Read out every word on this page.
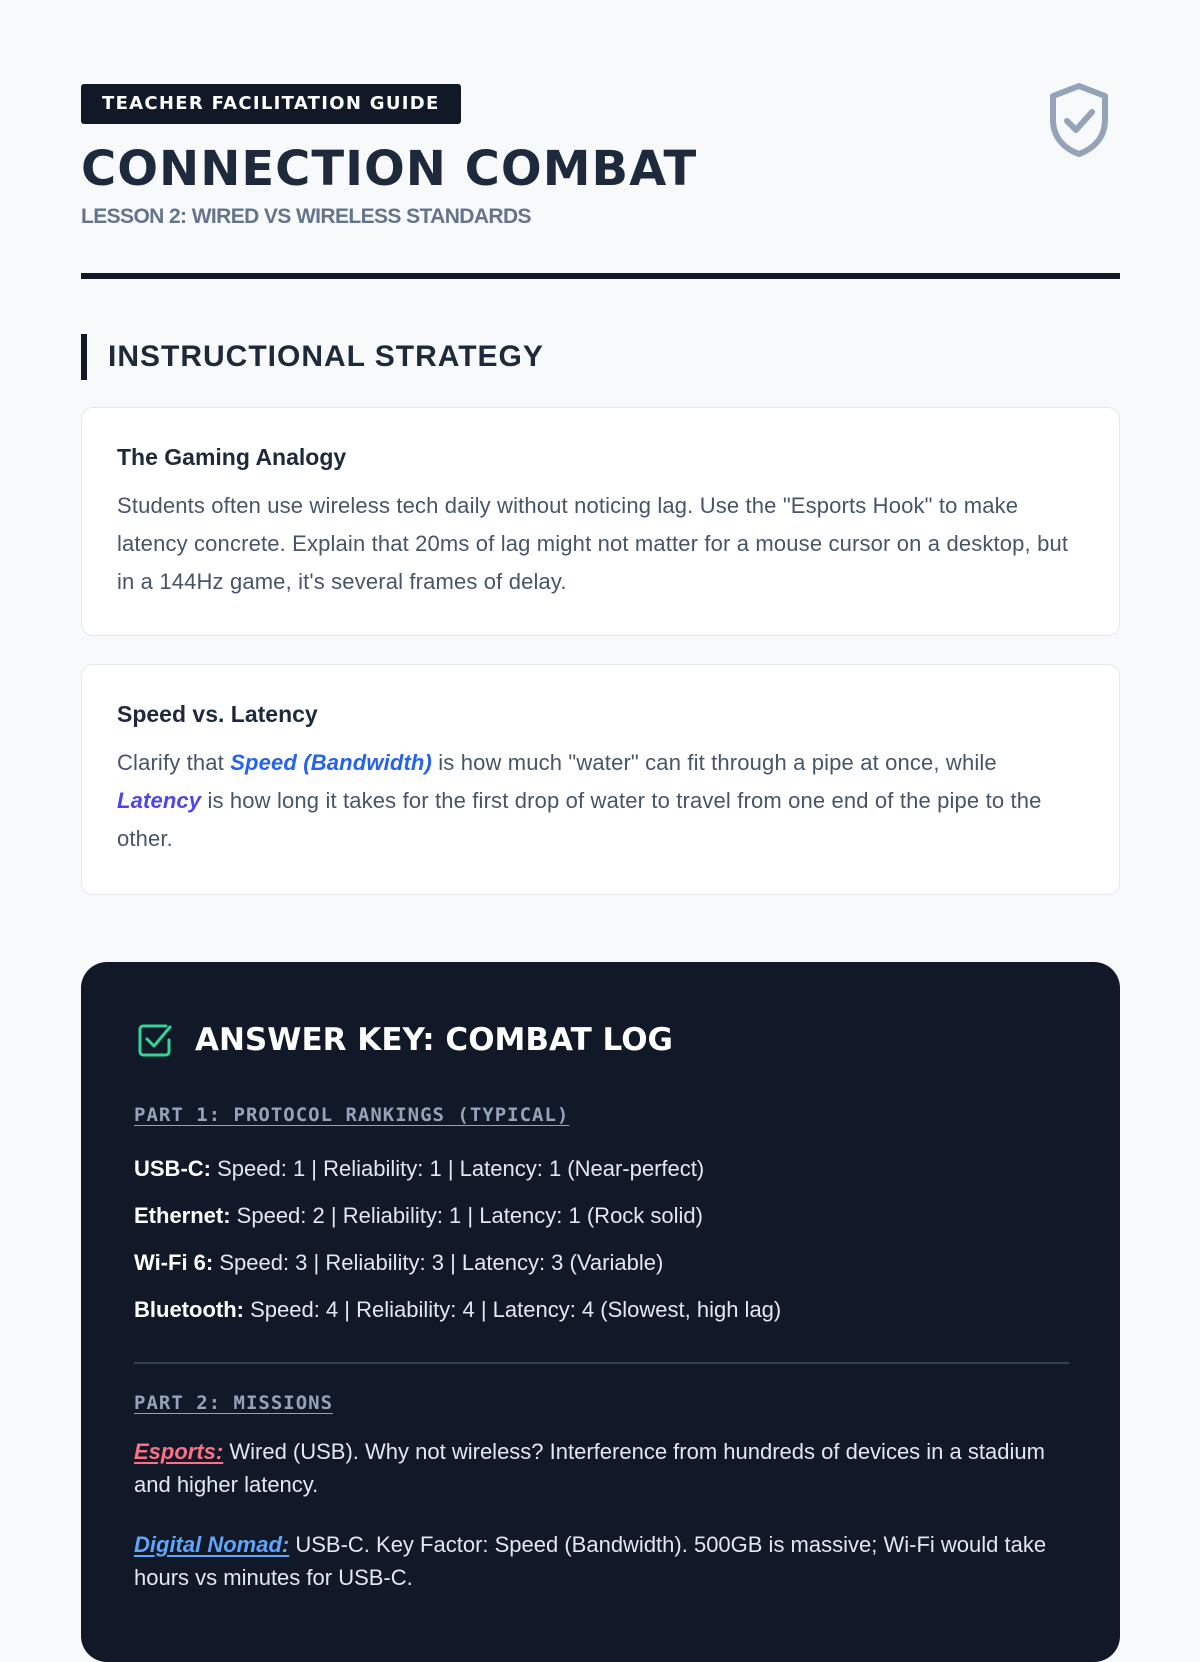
TEACHER FACILITATION GUIDE
CONNECTION COMBAT
LESSON 2: WIRED VS WIRELESS STANDARDS
INSTRUCTIONAL STRATEGY
The Gaming Analogy

Students often use wireless tech daily without noticing lag. Use the "Esports Hook" to make latency concrete. Explain that 20ms of lag might not matter for a mouse cursor on a desktop, but in a 144Hz game, it's several frames of delay.

Speed vs. Latency

Clarify that Speed (Bandwidth) is how much "water" can fit through a pipe at once, while Latency is how long it takes for the first drop of water to travel from one end of the pipe to the other.

ANSWER KEY: COMBAT LOG
PART 1: PROTOCOL RANKINGS (TYPICAL)
USB-C: Speed: 1 | Reliability: 1 | Latency: 1 (Near-perfect)
Ethernet: Speed: 2 | Reliability: 1 | Latency: 1 (Rock solid)
Wi-Fi 6: Speed: 3 | Reliability: 3 | Latency: 3 (Variable)
Bluetooth: Speed: 4 | Reliability: 4 | Latency: 4 (Slowest, high lag)
PART 2: MISSIONS
Esports: Wired (USB). Why not wireless? Interference from hundreds of devices in a stadium and higher latency.
Digital Nomad: USB-C. Key Factor: Speed (Bandwidth). 500GB is massive; Wi-Fi would take hours vs minutes for USB-C.
